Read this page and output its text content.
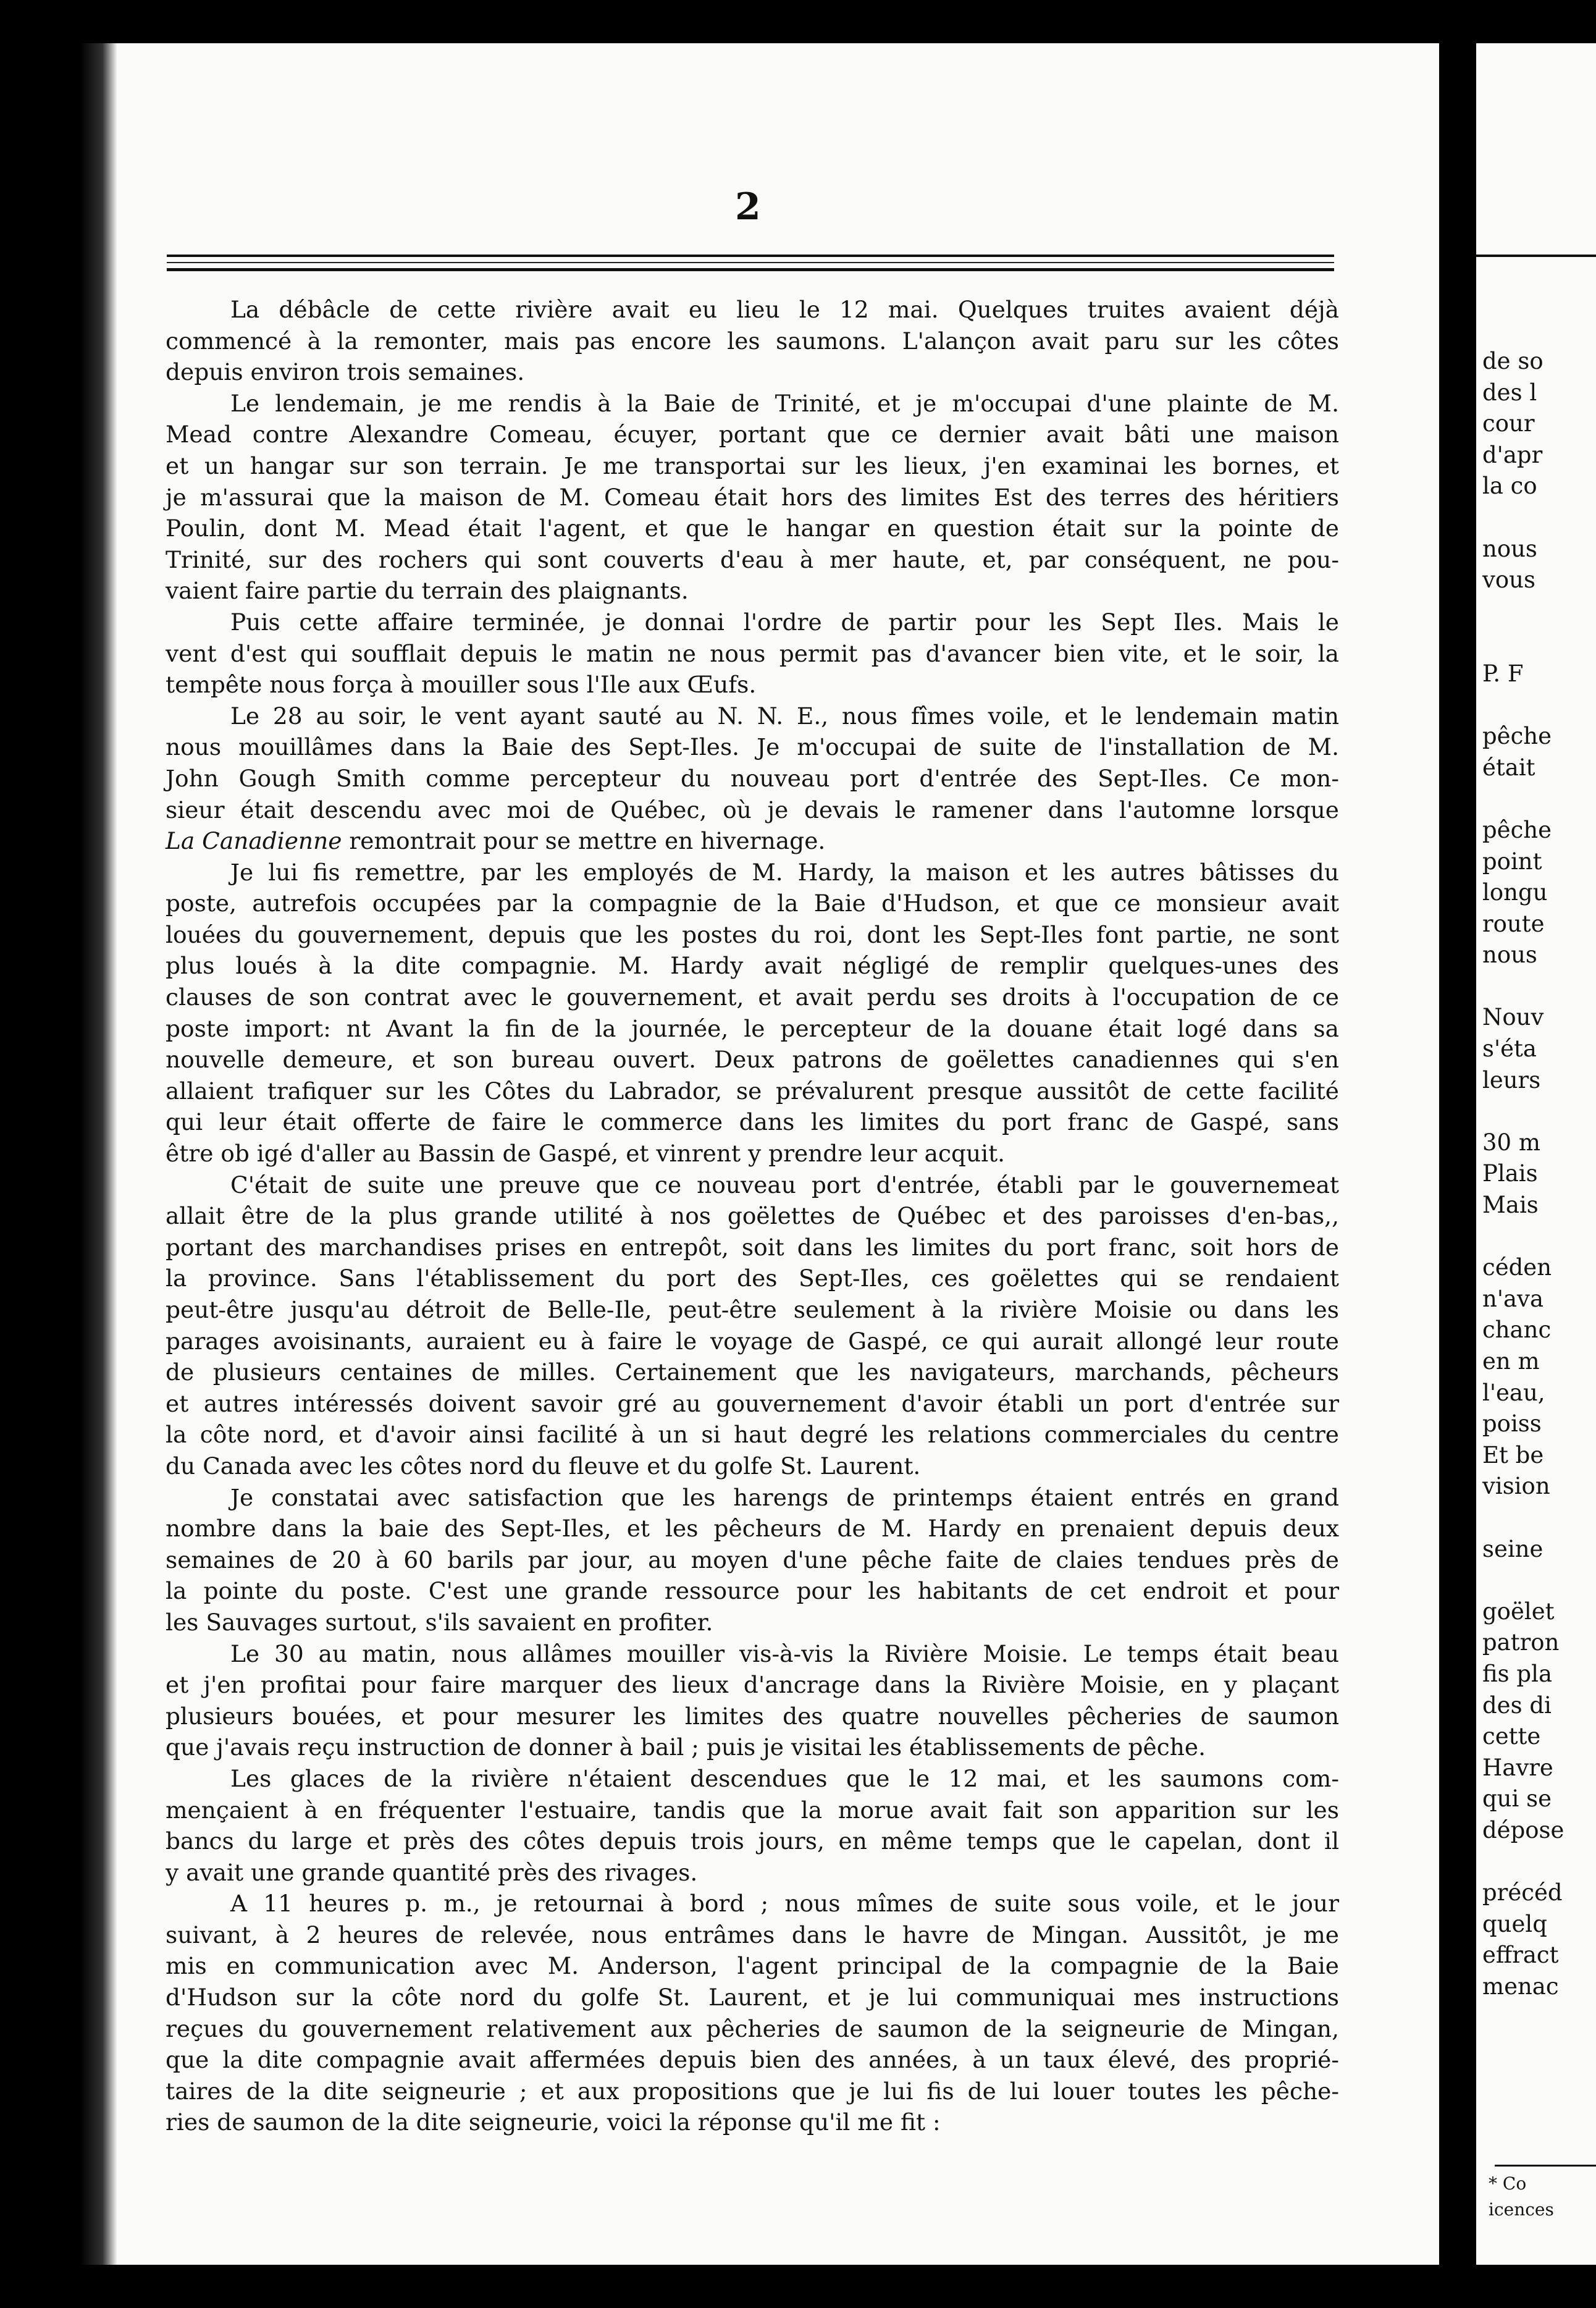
2
La débâcle de cette rivière avait eu lieu le 12 mai. Quelques truites avaient déjà
commencé à la remonter, mais pas encore les saumons. L'alançon avait paru sur les côtes
depuis environ trois semaines.
Le lendemain, je me rendis à la Baie de Trinité, et je m'occupai d'une plainte de M.
Mead contre Alexandre Comeau, écuyer, portant que ce dernier avait bâti une maison
et un hangar sur son terrain. Je me transportai sur les lieux, j'en examinai les bornes, et
je m'assurai que la maison de M. Comeau était hors des limites Est des terres des héritiers
Poulin, dont M. Mead était l'agent, et que le hangar en question était sur la pointe de
Trinité, sur des rochers qui sont couverts d'eau à mer haute, et, par conséquent, ne pou-
vaient faire partie du terrain des plaignants.
Puis cette affaire terminée, je donnai l'ordre de partir pour les Sept Iles. Mais le
vent d'est qui soufflait depuis le matin ne nous permit pas d'avancer bien vite, et le soir, la
tempête nous força à mouiller sous l'Ile aux Œufs.
Le 28 au soir, le vent ayant sauté au N. N. E., nous fîmes voile, et le lendemain matin
nous mouillâmes dans la Baie des Sept-Iles. Je m'occupai de suite de l'installation de M.
John Gough Smith comme percepteur du nouveau port d'entrée des Sept-Iles. Ce mon-
sieur était descendu avec moi de Québec, où je devais le ramener dans l'automne lorsque
La Canadienne remontrait pour se mettre en hivernage.
Je lui fis remettre, par les employés de M. Hardy, la maison et les autres bâtisses du
poste, autrefois occupées par la compagnie de la Baie d'Hudson, et que ce monsieur avait
louées du gouvernement, depuis que les postes du roi, dont les Sept-Iles font partie, ne sont
plus loués à la dite compagnie. M. Hardy avait négligé de remplir quelques-unes des
clauses de son contrat avec le gouvernement, et avait perdu ses droits à l'occupation de ce
poste import: nt Avant la fin de la journée, le percepteur de la douane était logé dans sa
nouvelle demeure, et son bureau ouvert. Deux patrons de goëlettes canadiennes qui s'en
allaient trafiquer sur les Côtes du Labrador, se prévalurent presque aussitôt de cette facilité
qui leur était offerte de faire le commerce dans les limites du port franc de Gaspé, sans
être ob igé d'aller au Bassin de Gaspé, et vinrent y prendre leur acquit.
C'était de suite une preuve que ce nouveau port d'entrée, établi par le gouvernemeat
allait être de la plus grande utilité à nos goëlettes de Québec et des paroisses d'en-bas,,
portant des marchandises prises en entrepôt, soit dans les limites du port franc, soit hors de
la province. Sans l'établissement du port des Sept-Iles, ces goëlettes qui se rendaient
peut-être jusqu'au détroit de Belle-Ile, peut-être seulement à la rivière Moisie ou dans les
parages avoisinants, auraient eu à faire le voyage de Gaspé, ce qui aurait allongé leur route
de plusieurs centaines de milles. Certainement que les navigateurs, marchands, pêcheurs
et autres intéressés doivent savoir gré au gouvernement d'avoir établi un port d'entrée sur
la côte nord, et d'avoir ainsi facilité à un si haut degré les relations commerciales du centre
du Canada avec les côtes nord du fleuve et du golfe St. Laurent.
Je constatai avec satisfaction que les harengs de printemps étaient entrés en grand
nombre dans la baie des Sept-Iles, et les pêcheurs de M. Hardy en prenaient depuis deux
semaines de 20 à 60 barils par jour, au moyen d'une pêche faite de claies tendues près de
la pointe du poste. C'est une grande ressource pour les habitants de cet endroit et pour
les Sauvages surtout, s'ils savaient en profiter.
Le 30 au matin, nous allâmes mouiller vis-à-vis la Rivière Moisie. Le temps était beau
et j'en profitai pour faire marquer des lieux d'ancrage dans la Rivière Moisie, en y plaçant
plusieurs bouées, et pour mesurer les limites des quatre nouvelles pêcheries de saumon
que j'avais reçu instruction de donner à bail ; puis je visitai les établissements de pêche.
Les glaces de la rivière n'étaient descendues que le 12 mai, et les saumons com-
mençaient à en fréquenter l'estuaire, tandis que la morue avait fait son apparition sur les
bancs du large et près des côtes depuis trois jours, en même temps que le capelan, dont il
y avait une grande quantité près des rivages.
A 11 heures p. m., je retournai à bord ; nous mîmes de suite sous voile, et le jour
suivant, à 2 heures de relevée, nous entrâmes dans le havre de Mingan. Aussitôt, je me
mis en communication avec M. Anderson, l'agent principal de la compagnie de la Baie
d'Hudson sur la côte nord du golfe St. Laurent, et je lui communiquai mes instructions
reçues du gouvernement relativement aux pêcheries de saumon de la seigneurie de Mingan,
que la dite compagnie avait affermées depuis bien des années, à un taux élevé, des proprié-
taires de la dite seigneurie ; et aux propositions que je lui fis de lui louer toutes les pêche-
ries de saumon de la dite seigneurie, voici la réponse qu'il me fit :
de so
des l
cour
d'apr
la co

nous
vous

P. F

pêche
était

pêche
point
longu
route
nous

Nouv
s'éta
leurs

30 m
Plais
Mais

céden
n'ava
chanc
en m
l'eau,
poiss
Et be
vision

seine

goëlet
patron
fis pla
des di
cette
Havre
qui se
dépose

précéd
quelq
effract
menac
* Co
icences
